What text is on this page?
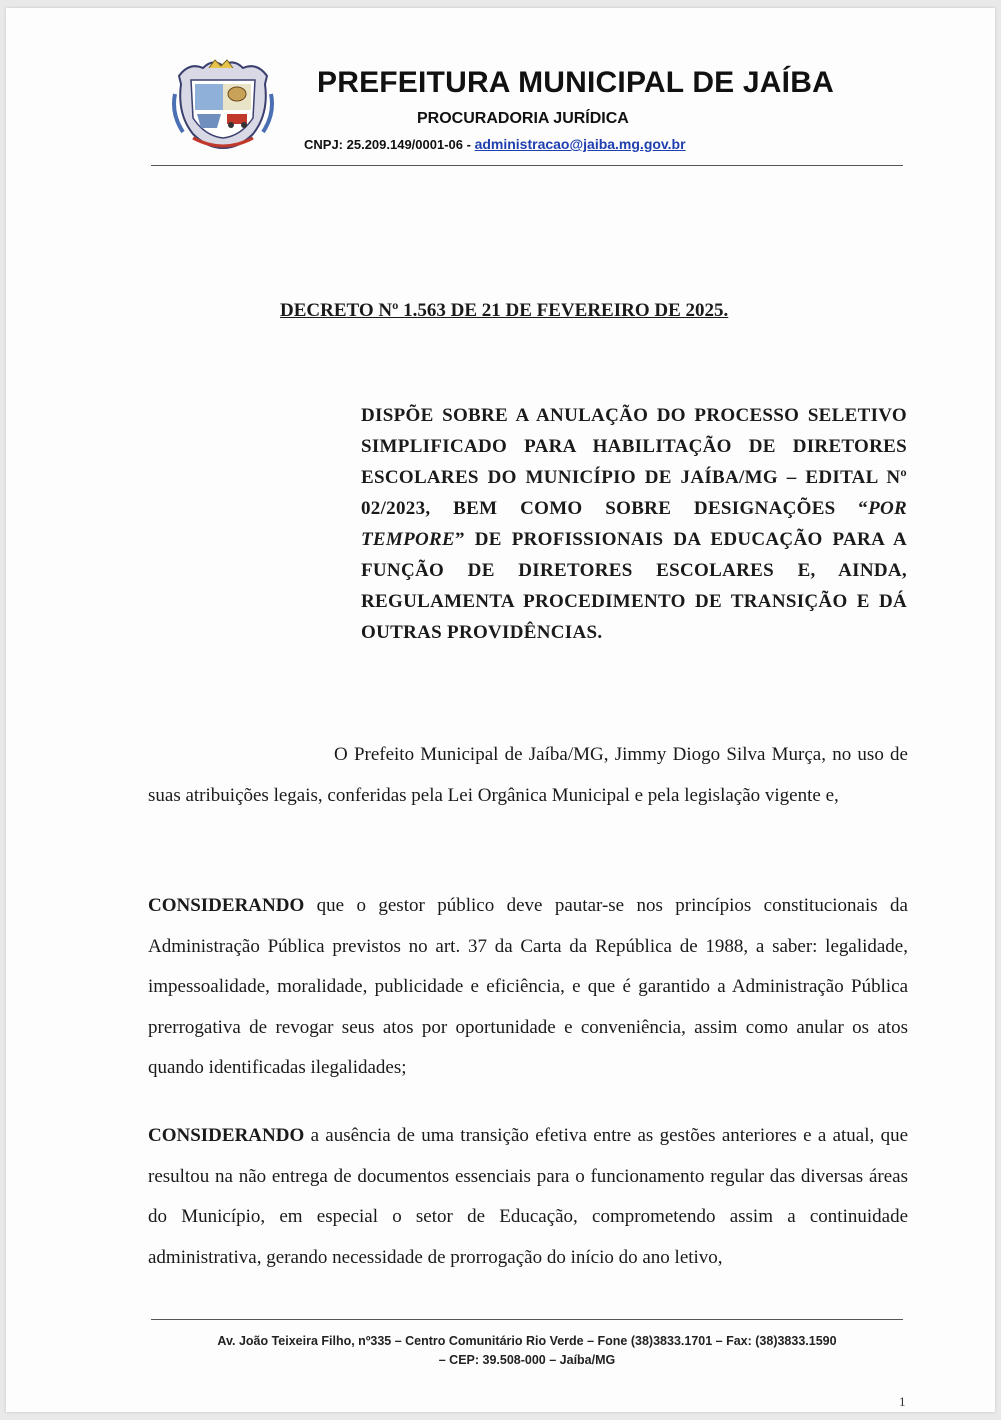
PREFEITURA MUNICIPAL DE JAÍBA
PROCURADORIA JURÍDICA
CNPJ: 25.209.149/0001-06 - administracao@jaiba.mg.gov.br
DECRETO Nº 1.563 DE 21 DE FEVEREIRO DE 2025.
DISPÕE SOBRE A ANULAÇÃO DO PROCESSO SELETIVO SIMPLIFICADO PARA HABILITAÇÃO DE DIRETORES ESCOLARES DO MUNICÍPIO DE JAÍBA/MG – EDITAL Nº 02/2023, BEM COMO SOBRE DESIGNAÇÕES “POR TEMPORE” DE PROFISSIONAIS DA EDUCAÇÃO PARA A FUNÇÃO DE DIRETORES ESCOLARES E, AINDA, REGULAMENTA PROCEDIMENTO DE TRANSIÇÃO E DÁ OUTRAS PROVIDÊNCIAS.
O Prefeito Municipal de Jaíba/MG, Jimmy Diogo Silva Murça, no uso de suas atribuições legais, conferidas pela Lei Orgânica Municipal e pela legislação vigente e,
CONSIDERANDO que o gestor público deve pautar-se nos princípios constitucionais da Administração Pública previstos no art. 37 da Carta da República de 1988, a saber: legalidade, impessoalidade, moralidade, publicidade e eficiência, e que é garantido a Administração Pública prerrogativa de revogar seus atos por oportunidade e conveniência, assim como anular os atos quando identificadas ilegalidades;
CONSIDERANDO a ausência de uma transição efetiva entre as gestões anteriores e a atual, que resultou na não entrega de documentos essenciais para o funcionamento regular das diversas áreas do Município, em especial o setor de Educação, comprometendo assim a continuidade administrativa, gerando necessidade de prorrogação do início do ano letivo,
Av. João Teixeira Filho, nº335 – Centro Comunitário Rio Verde – Fone (38)3833.1701 – Fax: (38)3833.1590
– CEP: 39.508-000 – Jaíba/MG
1
